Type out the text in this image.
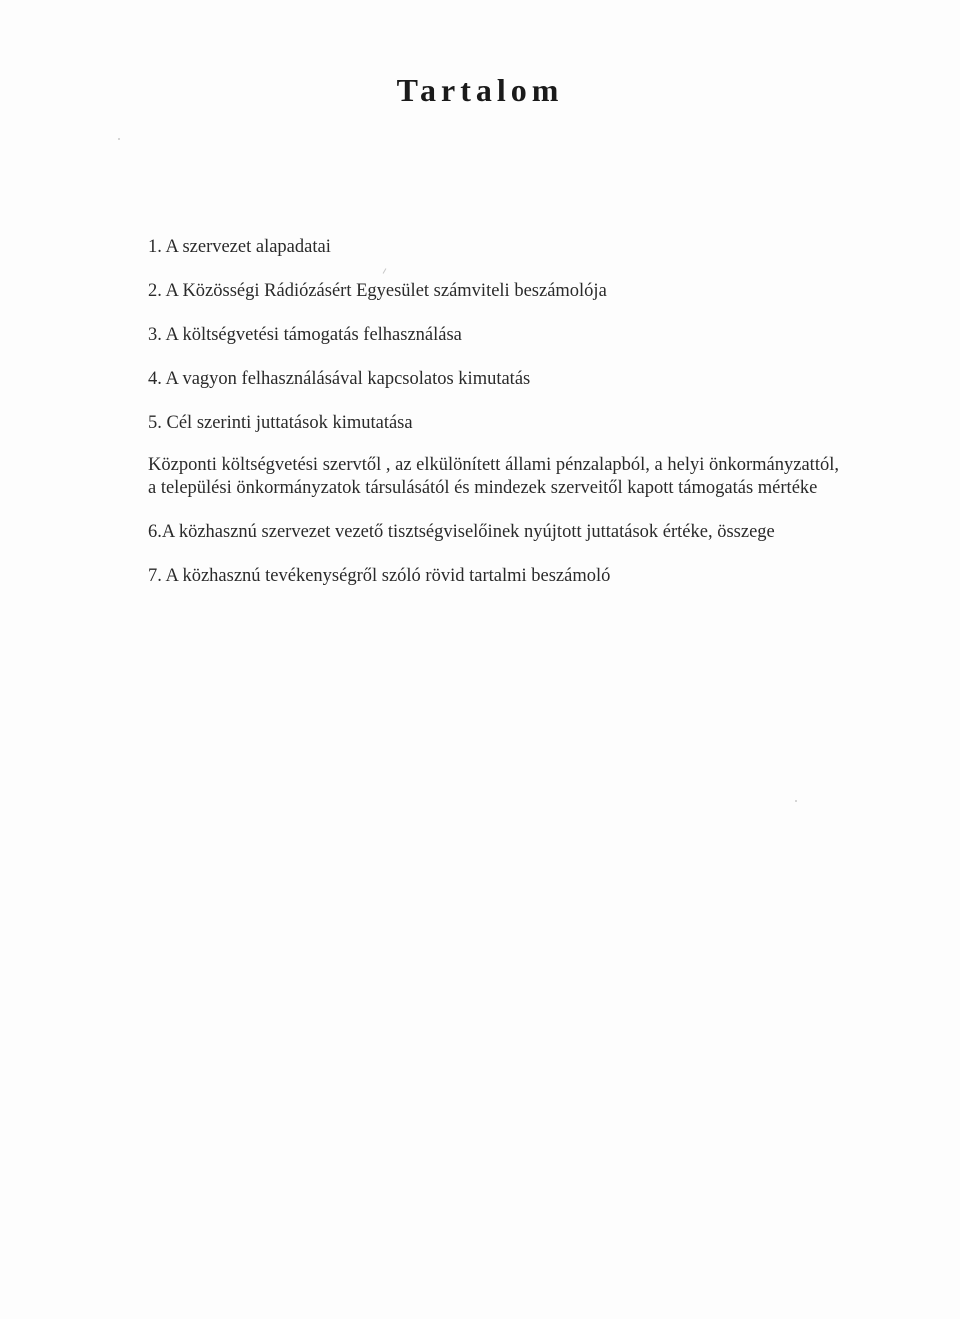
Tartalom
1. A szervezet alapadatai
2. A Közösségi Rádiózásért Egyesület számviteli beszámolója
3. A költségvetési támogatás felhasználása
4. A vagyon felhasználásával kapcsolatos kimutatás
5. Cél szerinti juttatások kimutatása
Központi költségvetési szervtől , az elkülönített állami pénzalapból, a helyi önkormányzattól,
a települési önkormányzatok társulásától és mindezek szerveitől kapott támogatás mértéke
6.A közhasznú szervezet vezető tisztségviselőinek nyújtott juttatások értéke, összege
7. A közhasznú tevékenységről szóló rövid tartalmi beszámoló
